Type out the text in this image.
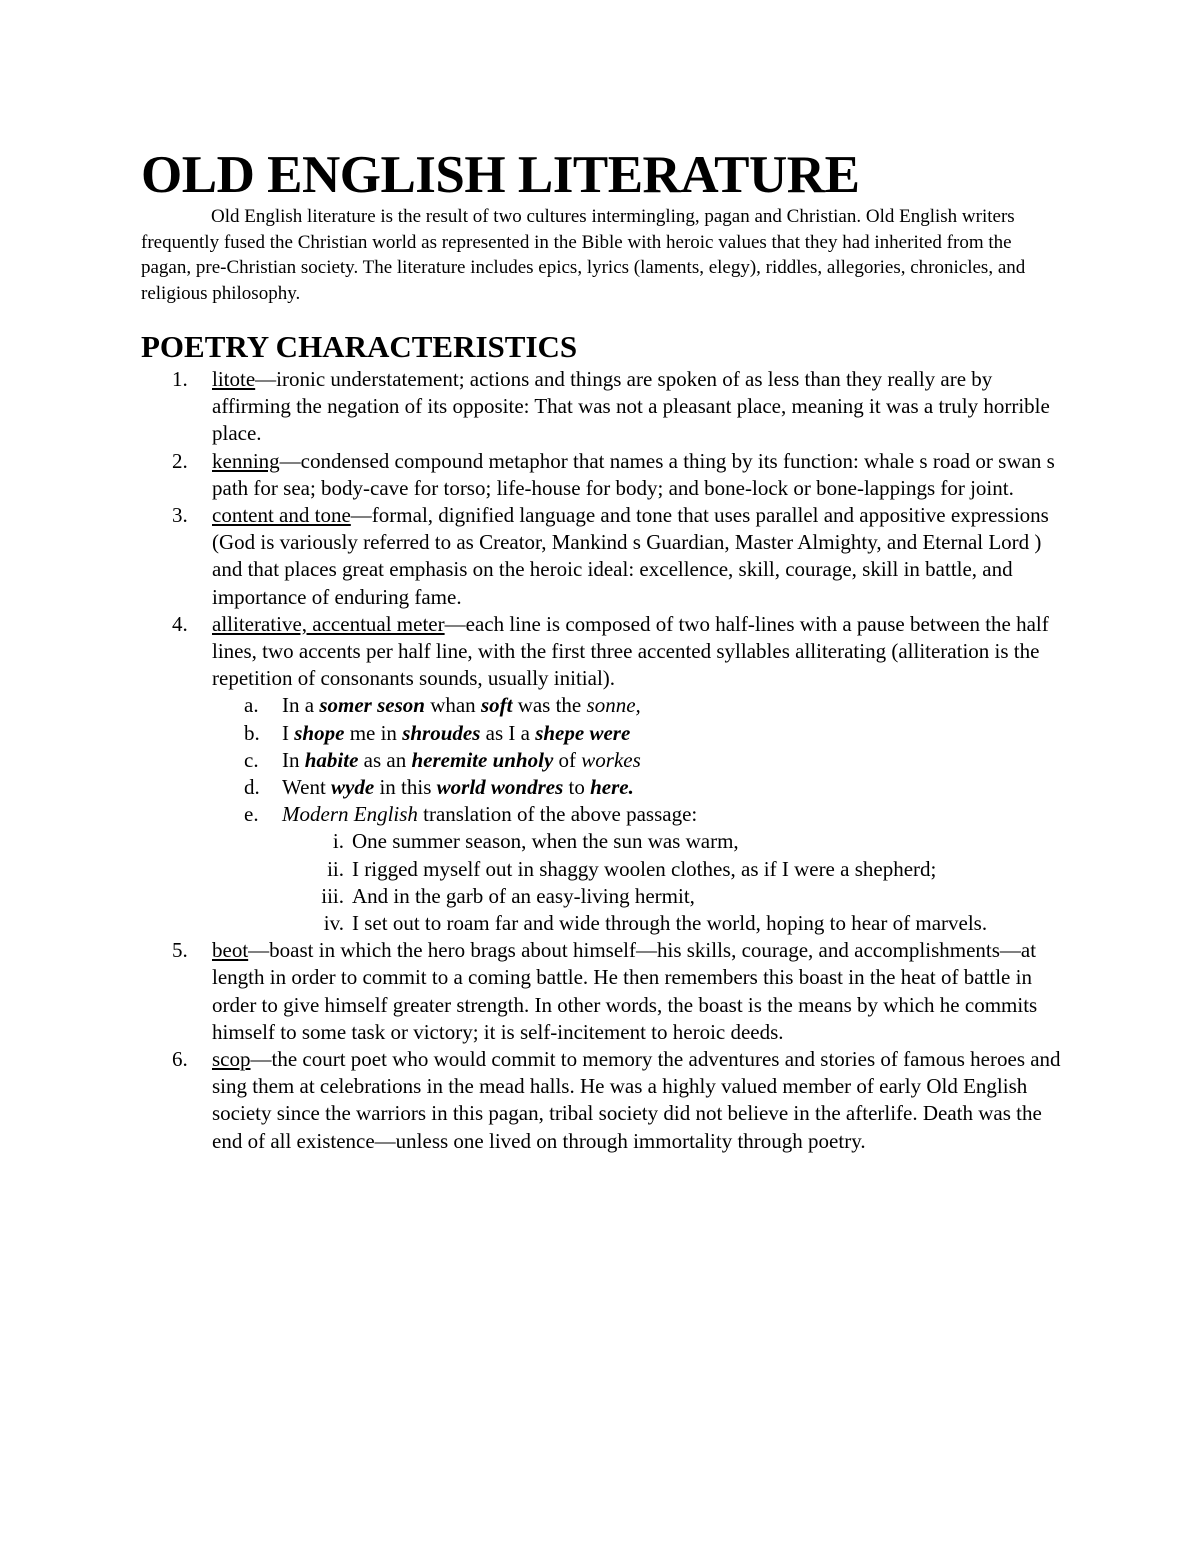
OLD ENGLISH LITERATURE

Old English literature is the result of two cultures intermingling, pagan and Christian. Old English writers frequently fused the Christian world as represented in the Bible with heroic values that they had inherited from the pagan, pre-Christian society. The literature includes epics, lyrics (laments, elegy), riddles, allegories, chronicles, and religious philosophy.

POETRY CHARACTERISTICS
1. litote—ironic understatement; actions and things are spoken of as less than they really are by affirming the negation of its opposite: That was not a pleasant place, meaning it was a truly horrible place.
2. kenning—condensed compound metaphor that names a thing by its function: whale s road or swan s path for sea; body-cave for torso; life-house for body; and bone-lock or bone-lappings for joint.
3. content and tone—formal, dignified language and tone that uses parallel and appositive expressions (God is variously referred to as Creator, Mankind s Guardian, Master Almighty, and Eternal Lord ) and that places great emphasis on the heroic ideal: excellence, skill, courage, skill in battle, and importance of enduring fame.
4. alliterative, accentual meter—each line is composed of two half-lines with a pause between the half lines, two accents per half line, with the first three accented syllables alliterating (alliteration is the repetition of consonants sounds, usually initial).
a. In a somer seson whan soft was the sonne,
b. I shope me in shroudes as I a shepe were
c. In habite as an heremite unholy of workes
d. Went wyde in this world wondres to here.
e. Modern English translation of the above passage:
i. One summer season, when the sun was warm,
ii. I rigged myself out in shaggy woolen clothes, as if I were a shepherd;
iii. And in the garb of an easy-living hermit,
iv. I set out to roam far and wide through the world, hoping to hear of marvels.
5. beot—boast in which the hero brags about himself—his skills, courage, and accomplishments—at length in order to commit to a coming battle. He then remembers this boast in the heat of battle in order to give himself greater strength. In other words, the boast is the means by which he commits himself to some task or victory; it is self-incitement to heroic deeds.
6. scop—the court poet who would commit to memory the adventures and stories of famous heroes and sing them at celebrations in the mead halls. He was a highly valued member of early Old English society since the warriors in this pagan, tribal society did not believe in the afterlife. Death was the end of all existence—unless one lived on through immortality through poetry.
